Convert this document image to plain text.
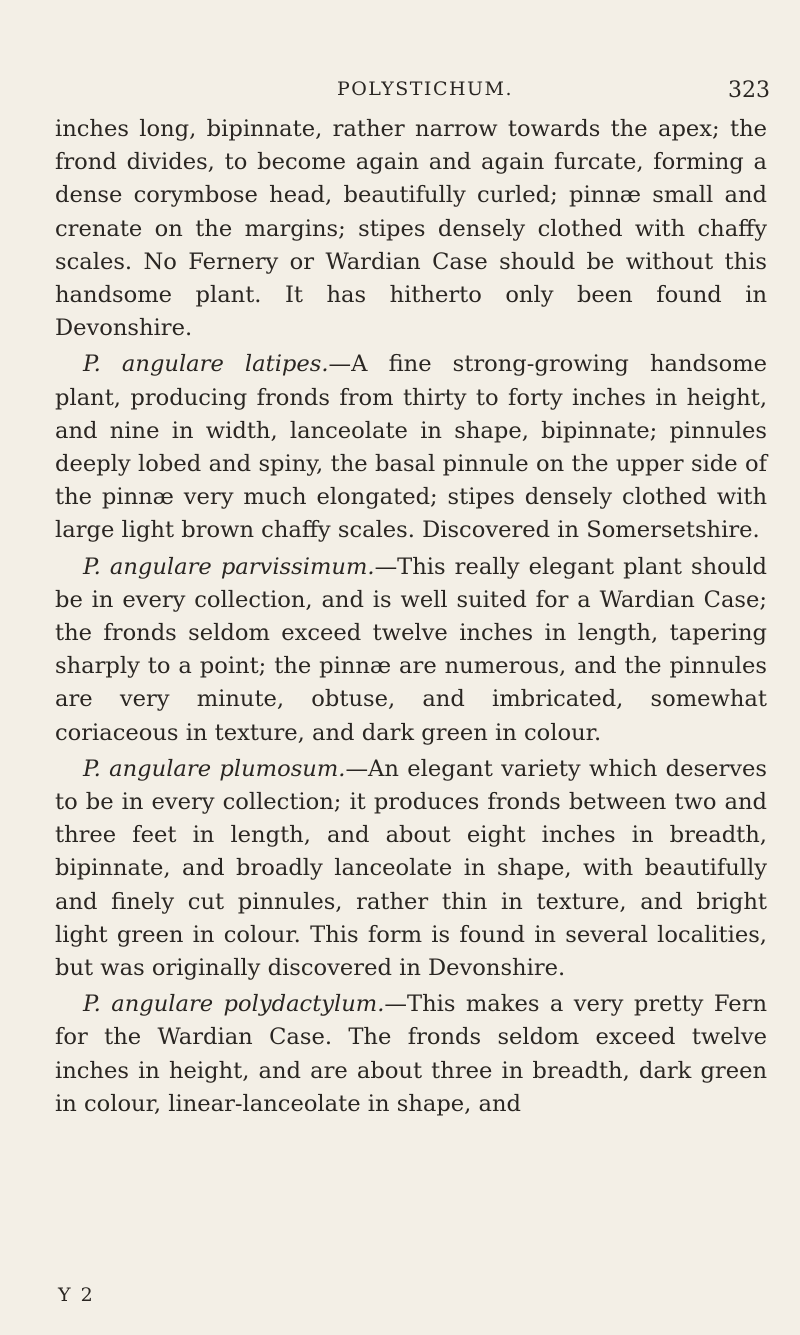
POLYSTICHUM.	323

inches long, bipinnate, rather narrow towards the apex; the frond divides, to become again and again furcate, forming a dense corymbose head, beautifully curled; pinnæ small and crenate on the margins; stipes densely clothed with chaffy scales. No Fernery or Wardian Case should be without this handsome plant. It has hitherto only been found in Devonshire.

P. angulare latipes.—A fine strong-growing handsome plant, producing fronds from thirty to forty inches in height, and nine in width, lanceolate in shape, bipinnate; pinnules deeply lobed and spiny, the basal pinnule on the upper side of the pinnæ very much elongated; stipes densely clothed with large light brown chaffy scales. Discovered in Somersetshire.

P. angulare parvissimum.—This really elegant plant should be in every collection, and is well suited for a Wardian Case; the fronds seldom exceed twelve inches in length, tapering sharply to a point; the pinnæ are numerous, and the pinnules are very minute, obtuse, and imbricated, somewhat coriaceous in texture, and dark green in colour.

P. angulare plumosum.—An elegant variety which deserves to be in every collection; it produces fronds between two and three feet in length, and about eight inches in breadth, bipinnate, and broadly lanceolate in shape, with beautifully and finely cut pinnules, rather thin in texture, and bright light green in colour. This form is found in several localities, but was originally discovered in Devonshire.

P. angulare polydactylum.—This makes a very pretty Fern for the Wardian Case. The fronds seldom exceed twelve inches in height, and are about three in breadth, dark green in colour, linear-lanceolate in shape, and

Y 2
